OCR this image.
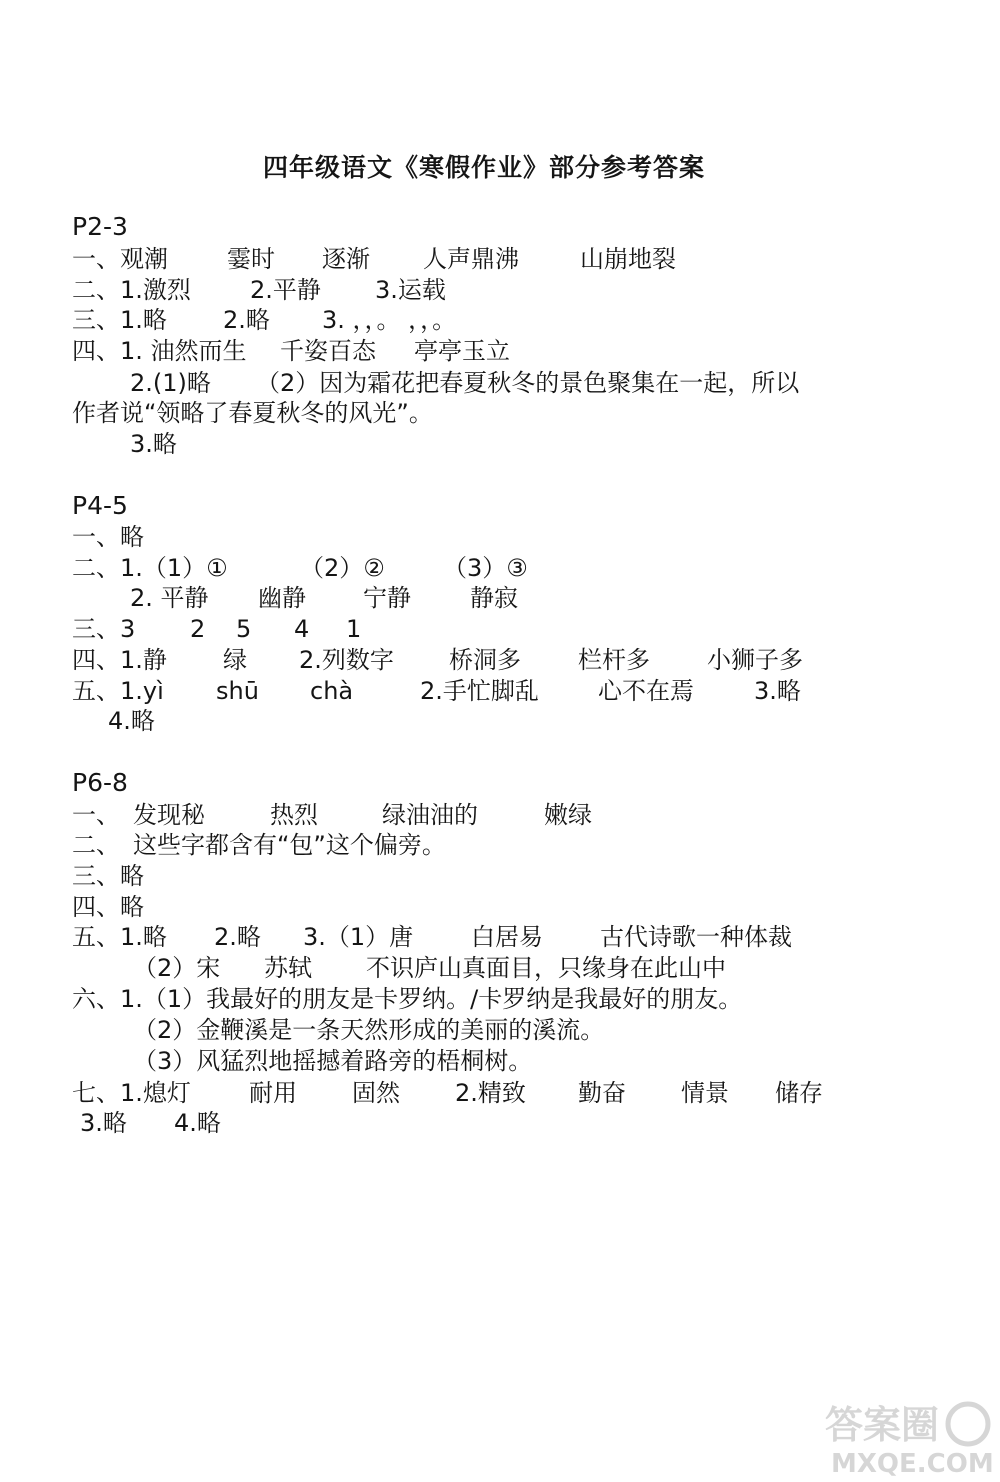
四年级语文《寒假作业》部分参考答案
P2-3
一、观潮 霎时 逐渐 人声鼎沸	山崩地裂
二、1.激烈 2.平静 3.运载
三、1.略 2.略 3. ，，。 ，，。
四、1. 油然而生 千姿百态 亭亭玉立
2.(1)略 （2）因为霜花把春夏秋冬的景色聚集在一起，所以
作者说“领略了春夏秋冬的风光”。
3.略
P4-5
一、略
二、1.（1）①	（2）② （3）③
2. 平静 幽静 宁静 静寂
三、3 2 5 4 1
四、1.静 绿 2.列数字 桥洞多 栏杆多 小狮子多
五、1.yì shū chà	2.手忙脚乱 心不在焉	3.略
4.略
P6-8
一、 发现秘	热烈	绿油油的	嫩绿
二、 这些字都含有“包”这个偏旁。
三、略
四、略
五、1.略 2.略 3.（1）唐 白居易 古代诗歌一种体裁
（2）宋 苏轼 不识庐山真面目，只缘身在此山中
六、1.（1）我最好的朋友是卡罗纳。/卡罗纳是我最好的朋友。
（2）金鞭溪是一条天然形成的美丽的溪流。
（3）风猛烈地摇撼着路旁的梧桐树。
七、1.熄灯 耐用 固然 2.精致 勤奋 情景 储存
3.略 4.略
答案圈
MXQE.COM
